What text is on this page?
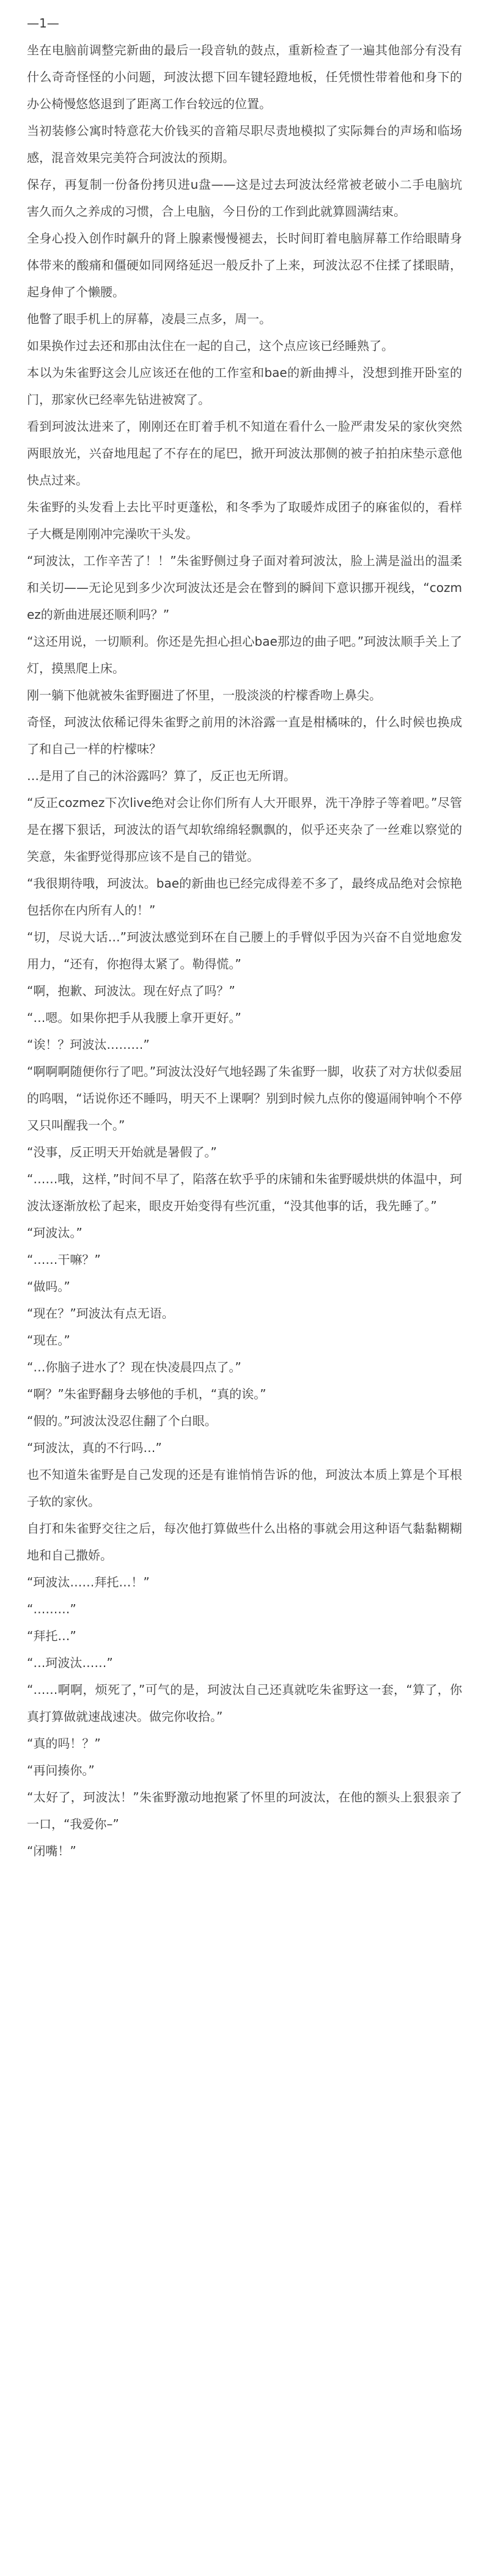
—1—

坐在电脑前调整完新曲的最后一段音轨的鼓点，重新检查了一遍其他部分有没有什么奇奇怪怪的小问题，珂波汰摁下回车键轻蹬地板，任凭惯性带着他和身下的办公椅慢悠悠退到了距离工作台较远的位置。

当初装修公寓时特意花大价钱买的音箱尽职尽责地模拟了实际舞台的声场和临场感，混音效果完美符合珂波汰的预期。

保存，再复制一份备份拷贝进u盘——这是过去珂波汰经常被老破小二手电脑坑害久而久之养成的习惯，合上电脑，今日份的工作到此就算圆满结束。

全身心投入创作时飙升的肾上腺素慢慢褪去，长时间盯着电脑屏幕工作给眼睛身体带来的酸痛和僵硬如同网络延迟一般反扑了上来，珂波汰忍不住揉了揉眼睛，起身伸了个懒腰。

他瞥了眼手机上的屏幕，凌晨三点多，周一。

如果换作过去还和那由汰住在一起的自己，这个点应该已经睡熟了。

本以为朱雀野这会儿应该还在他的工作室和bae的新曲搏斗，没想到推开卧室的门，那家伙已经率先钻进被窝了。

看到珂波汰进来了，刚刚还在盯着手机不知道在看什么一脸严肃发呆的家伙突然两眼放光，兴奋地甩起了不存在的尾巴，掀开珂波汰那侧的被子拍拍床垫示意他快点过来。

朱雀野的头发看上去比平时更蓬松，和冬季为了取暖炸成团子的麻雀似的，看样子大概是刚刚冲完澡吹干头发。

“珂波汰，工作辛苦了！！”朱雀野侧过身子面对着珂波汰，脸上满是溢出的温柔和关切——无论见到多少次珂波汰还是会在瞥到的瞬间下意识挪开视线，“cozmez的新曲进展还顺利吗？”

“这还用说，一切顺利。你还是先担心担心bae那边的曲子吧。”珂波汰顺手关上了灯，摸黑爬上床。

刚一躺下他就被朱雀野圈进了怀里，一股淡淡的柠檬香吻上鼻尖。

奇怪，珂波汰依稀记得朱雀野之前用的沐浴露一直是柑橘味的，什么时候也换成了和自己一样的柠檬味？

…是用了自己的沐浴露吗？算了，反正也无所谓。

“反正cozmez下次live绝对会让你们所有人大开眼界，洗干净脖子等着吧。”尽管是在撂下狠话，珂波汰的语气却软绵绵轻飘飘的，似乎还夹杂了一丝难以察觉的笑意，朱雀野觉得那应该不是自己的错觉。

“我很期待哦，珂波汰。bae的新曲也已经完成得差不多了，最终成品绝对会惊艳包括你在内所有人的！”

“切，尽说大话…”珂波汰感觉到环在自己腰上的手臂似乎因为兴奋不自觉地愈发用力，“还有，你抱得太紧了。勒得慌。”

“啊，抱歉、珂波汰。现在好点了吗？”

“…嗯。如果你把手从我腰上拿开更好。”

“诶！？珂波汰………”

“啊啊啊随便你行了吧。”珂波汰没好气地轻踢了朱雀野一脚，收获了对方状似委屈的呜咽，“话说你还不睡吗，明天不上课啊？别到时候九点你的傻逼闹钟响个不停又只叫醒我一个。”

“没事，反正明天开始就是暑假了。”

“……哦，这样，”时间不早了，陷落在软乎乎的床铺和朱雀野暖烘烘的体温中，珂波汰逐渐放松了起来，眼皮开始变得有些沉重，“没其他事的话，我先睡了。”

“珂波汰。”

“……干嘛？”

“做吗。”

“现在？”珂波汰有点无语。

“现在。”

“…你脑子进水了？现在快凌晨四点了。”

“啊？”朱雀野翻身去够他的手机，“真的诶。”

“假的。”珂波汰没忍住翻了个白眼。

“珂波汰，真的不行吗…”

也不知道朱雀野是自己发现的还是有谁悄悄告诉的他，珂波汰本质上算是个耳根子软的家伙。

自打和朱雀野交往之后，每次他打算做些什么出格的事就会用这种语气黏黏糊糊地和自己撒娇。

“珂波汰……拜托…！”

“………”

“拜托…”

“…珂波汰……”

“……啊啊，烦死了，”可气的是，珂波汰自己还真就吃朱雀野这一套，“算了，你真打算做就速战速决。做完你收拾。”

“真的吗！？”

“再问揍你。”

“太好了，珂波汰！”朱雀野激动地抱紧了怀里的珂波汰，在他的额头上狠狠亲了一口，“我爱你–”

“闭嘴！”
